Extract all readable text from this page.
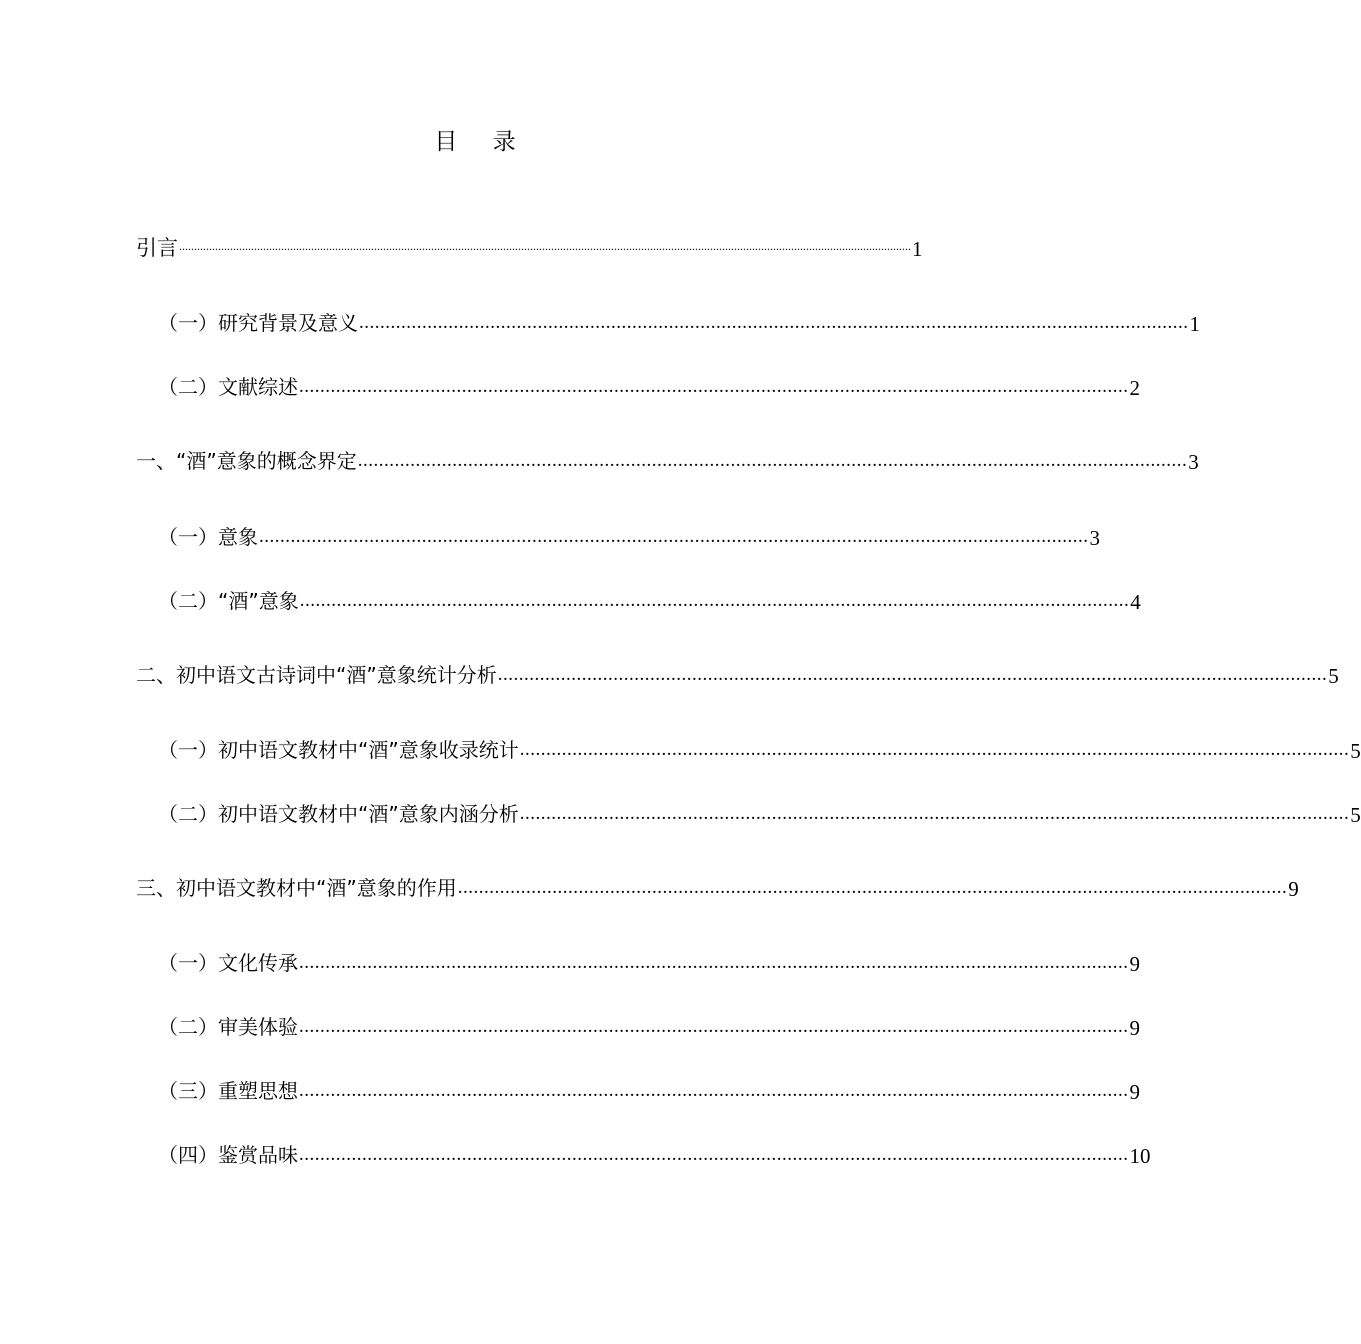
目 录
引言 .................................................................................................................................................................................................................................................... 1
（一）研究背景及意义 .............................................................................................................................................................. 1
（二）文献综述 .............................................................................................................................................................. 2
一、“酒”意象的概念界定 .............................................................................................................................................................. 3
（一）意象 .............................................................................................................................................................. 3
（二）“酒”意象 .............................................................................................................................................................. 4
二、初中语文古诗词中“酒”意象统计分析 .............................................................................................................................................................. 5
（一）初中语文教材中“酒”意象收录统计 .............................................................................................................................................................. 5
（二）初中语文教材中“酒”意象内涵分析 .............................................................................................................................................................. 5
三、初中语文教材中“酒”意象的作用 .............................................................................................................................................................. 9
（一）文化传承 .............................................................................................................................................................. 9
（二）审美体验 .............................................................................................................................................................. 9
（三）重塑思想 .............................................................................................................................................................. 9
（四）鉴赏品味 .............................................................................................................................................................. 10
